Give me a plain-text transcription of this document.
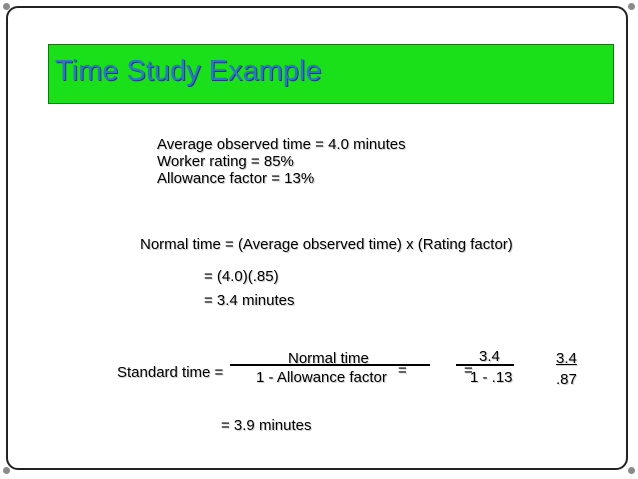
Time Study Example
Average observed time = 4.0 minutes
Worker rating = 85%
Allowance factor = 13%
Normal time = (Average observed time) x (Rating factor)
= (4.0)(.85)
= 3.4 minutes
Standard time =
Normal time
1 - Allowance factor =
3.4
=
1 - .13
3.4
.87
= 3.9 minutes
